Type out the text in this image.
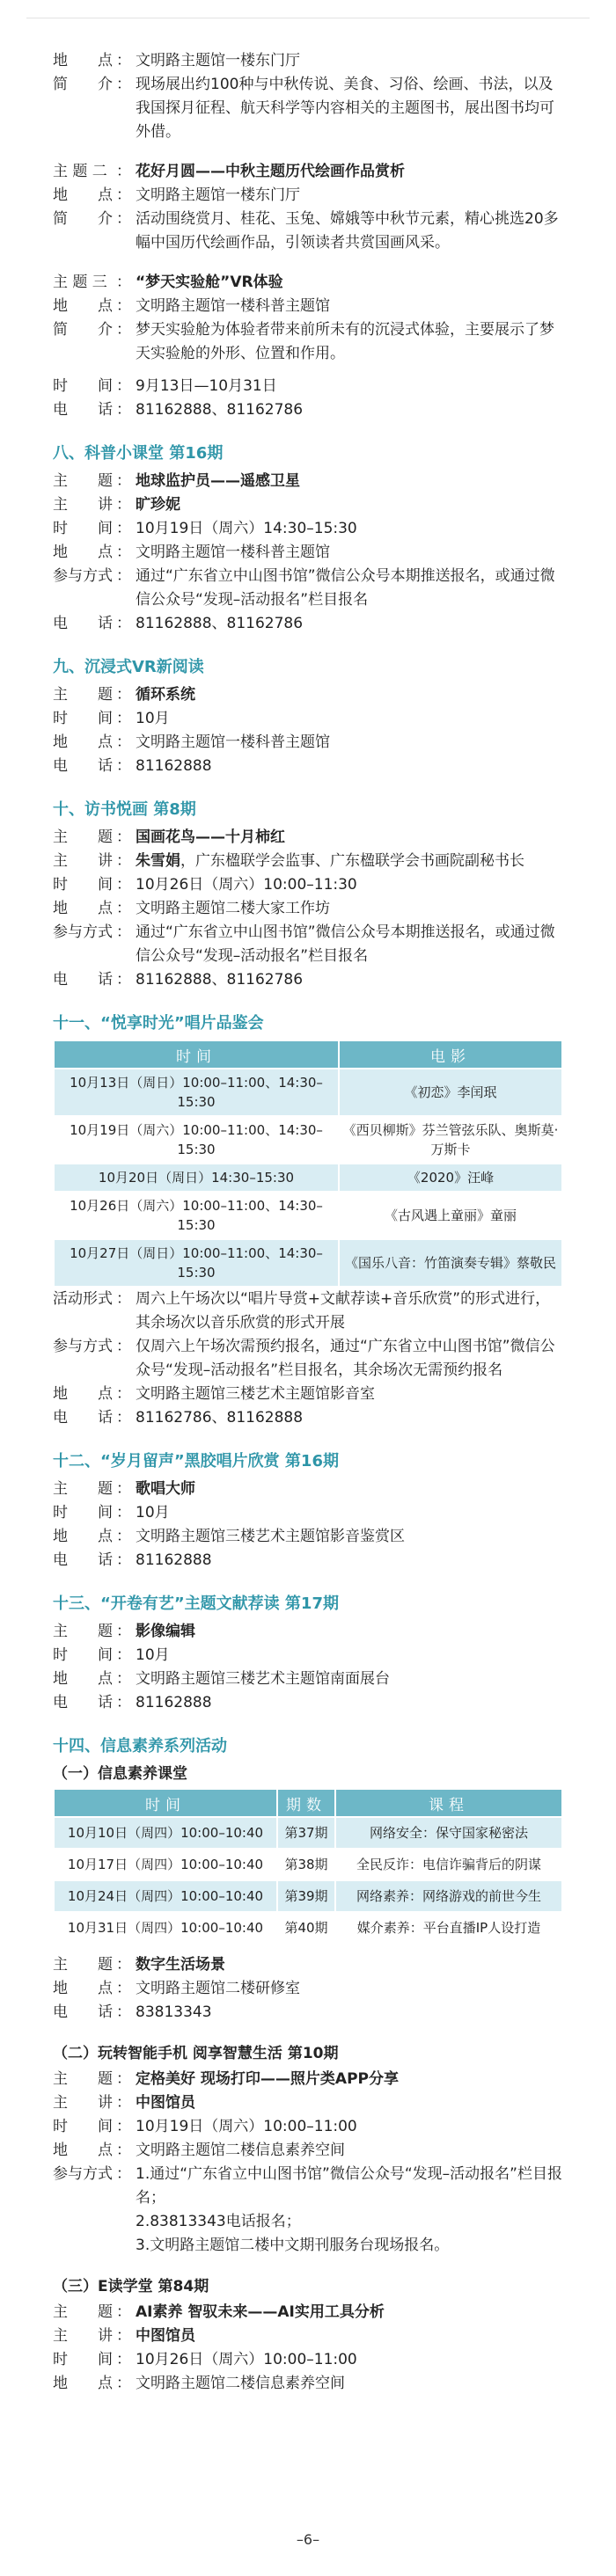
地　　点 ： 文明路主题馆一楼东门厅
简　　介 ： 现场展出约100种与中秋传说、美食、习俗、绘画、书法，以及我国探月征程、航天科学等内容相关的主题图书，展出图书均可外借。
主 题 二 ： 花好月圆——中秋主题历代绘画作品赏析
地　　点 ： 文明路主题馆一楼东门厅
简　　介 ： 活动围绕赏月、桂花、玉兔、嫦娥等中秋节元素，精心挑选20多幅中国历代绘画作品，引领读者共赏国画风采。
主 题 三 ： “梦天实验舱”VR体验
地　　点 ： 文明路主题馆一楼科普主题馆
简　　介 ： 梦天实验舱为体验者带来前所未有的沉浸式体验，主要展示了梦天实验舱的外形、位置和作用。
时　　间 ： 9月13日—10月31日
电　　话 ： 81162888、81162786
八、科普小课堂 第16期
主　　题 ： 地球监护员——遥感卫星
主　　讲 ： 旷珍妮
时　　间 ： 10月19日（周六）14:30–15:30
地　　点 ： 文明路主题馆一楼科普主题馆
参与方式 ： 通过“广东省立中山图书馆”微信公众号本期推送报名，或通过微信公众号“发现–活动报名”栏目报名
电　　话 ： 81162888、81162786
九、沉浸式VR新阅读
主　　题 ： 循环系统
时　　间 ： 10月
地　　点 ： 文明路主题馆一楼科普主题馆
电　　话 ： 81162888
十、访书悦画 第8期
主　　题 ： 国画花鸟——十月柿红
主　　讲 ： 朱雪娟，广东楹联学会监事、广东楹联学会书画院副秘书长
时　　间 ： 10月26日（周六）10:00–11:30
地　　点 ： 文明路主题馆二楼大家工作坊
参与方式 ： 通过“广东省立中山图书馆”微信公众号本期推送报名，或通过微信公众号“发现–活动报名”栏目报名
电　　话 ： 81162888、81162786
十一、“悦享时光”唱片品鉴会
时间	电影
10月13日（周日）10:00–11:00、14:30–15:30	《初恋》李闰珉
10月19日（周六）10:00–11:00、14:30–15:30	《西贝柳斯》芬兰管弦乐队、奥斯莫·万斯卡
10月20日（周日）14:30–15:30	《2020》汪峰
10月26日（周六）10:00–11:00、14:30–15:30	《古风遇上童丽》童丽
10月27日（周日）10:00–11:00、14:30–15:30	《国乐八音：竹笛演奏专辑》蔡敬民
活动形式 ： 周六上午场次以“唱片导赏+文献荐读+音乐欣赏”的形式进行，其余场次以音乐欣赏的形式开展
参与方式 ： 仅周六上午场次需预约报名，通过“广东省立中山图书馆”微信公众号“发现–活动报名”栏目报名，其余场次无需预约报名
地　　点 ： 文明路主题馆三楼艺术主题馆影音室
电　　话 ： 81162786、81162888
十二、“岁月留声”黑胶唱片欣赏 第16期
主　　题 ： 歌唱大师
时　　间 ： 10月
地　　点 ： 文明路主题馆三楼艺术主题馆影音鉴赏区
电　　话 ： 81162888
十三、“开卷有艺”主题文献荐读 第17期
主　　题 ： 影像编辑
时　　间 ： 10月
地　　点 ： 文明路主题馆三楼艺术主题馆南面展台
电　　话 ： 81162888
十四、信息素养系列活动
（一）信息素养课堂
时间	期数	课程
10月10日（周四）10:00–10:40	第37期	网络安全：保守国家秘密法
10月17日（周四）10:00–10:40	第38期	全民反诈：电信诈骗背后的阴谋
10月24日（周四）10:00–10:40	第39期	网络素养：网络游戏的前世今生
10月31日（周四）10:00–10:40	第40期	媒介素养：平台直播IP人设打造
主　　题 ： 数字生活场景
地　　点 ： 文明路主题馆二楼研修室
电　　话 ： 83813343
（二）玩转智能手机 阅享智慧生活 第10期
主　　题 ： 定格美好 现场打印——照片类APP分享
主　　讲 ： 中图馆员
时　　间 ： 10月19日（周六）10:00–11:00
地　　点 ： 文明路主题馆二楼信息素养空间
参与方式 ： 1.通过“广东省立中山图书馆”微信公众号“发现–活动报名”栏目报名；
2.83813343电话报名；
3.文明路主题馆二楼中文期刊服务台现场报名。
（三）E读学堂 第84期
主　　题 ： AI素养 智驭未来——AI实用工具分析
主　　讲 ： 中图馆员
时　　间 ： 10月26日（周六）10:00–11:00
地　　点 ： 文明路主题馆二楼信息素养空间
–6–
